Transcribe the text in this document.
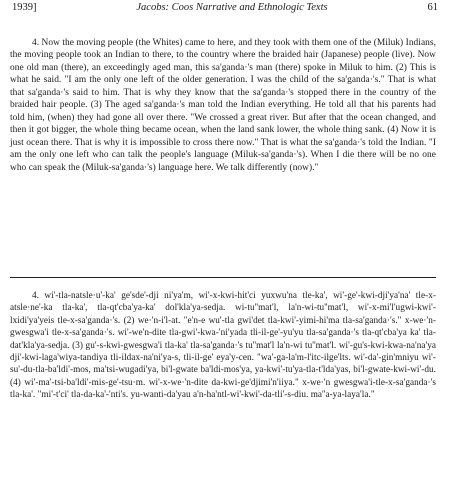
1939]	Jacobs: Coos Narrative and Ethnologic Texts	61

4. Now the moving people (the Whites) came to here, and they took with them one of the (Miluk) Indians, the moving people took an Indian to there, to the country where the braided hair (Japanese) people (live). Now one old man (there), an exceedingly aged man, this sa'ganda·'s man (there) spoke in Miluk to him. (2) This is what he said. "I am the only one left of the older generation. I was the child of the sa'ganda·'s." That is what that sa'ganda·'s said to him. That is why they know that the sa'ganda·'s stopped there in the country of the braided hair people. (3) The aged sa'ganda·'s man told the Indian everything. He told all that his parents had told him, (when) they had gone all over there. "We crossed a great river. But after that the ocean changed, and then it got bigger, the whole thing became ocean, when the land sank lower, the whole thing sank. (4) Now it is just ocean there. That is why it is impossible to cross there now." That is what the sa'ganda·'s told the Indian. "I am the only one left who can talk the people's language (Miluk-sa'ganda·'s). When I die there will be no one who can speak the (Miluk-sa'ganda·'s) language here. We talk differently (now)."

4. wi'-tla-natsle·u'-ka' ge'sde'-dji ni'ya'm, wi'-x-kwi-hit'ci yuxwu'na tle-ka', wi'-ge'-kwi-dji'ya'na' tle-x-atsle·ne'-ka tla-ka', tla-qt'cba'ya-ka' dol'kla'ya-sedja. wi-tu''mat'l, la'n-wi-tu''mat'l, wi'-x-mi'l'ugwi-kwi'-lxidi'ya'yeis tle-x-sa'ganda·'s. (2) we·'n-i'l-at. "e'n-e wu'-tla gwi'det tla-kwi'-yimi-hi'ma tla-sa'ganda·'s." x-we·'n-gwesgwa'i tle-x-sa'ganda·'s. wi'-we'n-dite tla-gwi'-kwa-'ni'yada tli-il-ge'-yu'yu tla-sa'ganda·'s tla-qt'cba'ya ka' tla-dat'kla'ya-sedja. (3) gu'-s-kwi-gwesgwa'i tla-ka' tla-sa'ganda·'s tu''mat'l la'n-wi tu''mat'l. wi'-gu's-kwi-kwa-na'na'ya dji'-kwi-laga'wiya-tandiya tli-ildax-na'ni'ya-s, tli-il-ge' eya'y-cen. "wa'-ga-la'm-l'itc-ilge'lts. wi'-da'-gin'mniyu wi'-su'-du-tla-ba'ldi'-mos, ma'tsi-wugadi'ya, bi'l-gwate ba'ldi-mos'ya, ya-kwi'-tu'ya-tla-t'lda'yas, bi'l-gwate-kwi-wi'-du. (4) wi'-ma'-tsi-ba'ldi'-mis-ge'-tsu·m. wi'-x-we·'n-dite da-kwi-ge'djimi'n'iiya." x-we·'n gwesgwa'i-tle-x-sa'ganda·'s tla-ka'. "mi'-t'ci' tla-da-ka'-'nti's. yu-wanti-da'yau a'n-ha'ntl-wi'-kwi'-da-tli'-s-diu. ma''a-ya-laya'la."
